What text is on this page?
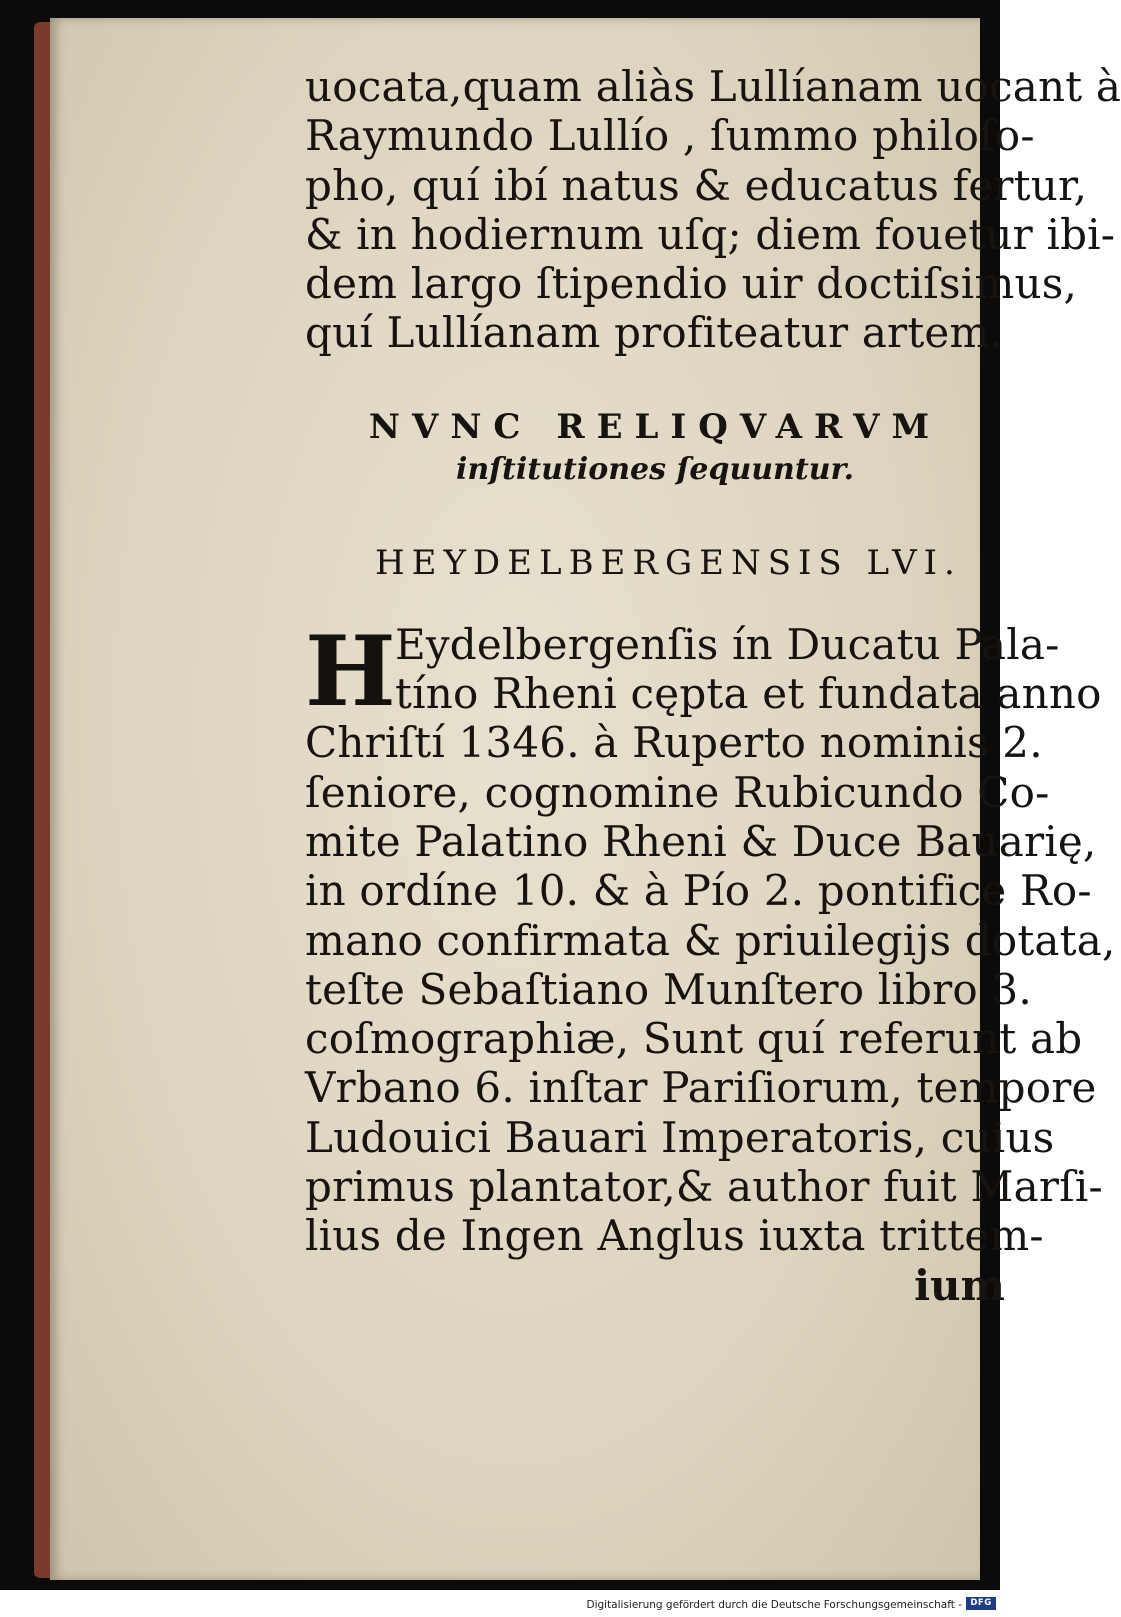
uocata,quam aliàs Lullíanam uocant à
Raymundo Lullío , ſummo philoſo-
pho, quí ibí natus & educatus fertur,
& in hodiernum uſq; diem fouetur ibi-
dem largo ſtipendio uir doctiſsimus,
quí Lullíanam profiteatur artem.
NVNC RELIQVARVM
inſtitutiones ſequuntur.
HEYDELBERGENSIS LVI.
H Eydelbergenſis ín Ducatu Pala-
tíno Rheni cępta et fundata anno
Chriſtí 1346. à Ruperto nominis 2.
ſeniore, cognomine Rubicundo Co-
mite Palatino Rheni & Duce Bauarię,
in ordíne 10. & à Pío 2. pontifice Ro-
mano confirmata & priuilegijs dotata,
teſte Sebaſtiano Munſtero libro 3.
coſmographiæ, Sunt quí referunt ab
Vrbano 6. inſtar Pariſiorum, tempore
Ludouici Bauari Imperatoris, cuius
primus plantator,& author fuit Marſi-
lius de Ingen Anglus iuxta trittem-
ium
Digitalisierung gefördert durch die Deutsche Forschungsgemeinschaft - DFG
